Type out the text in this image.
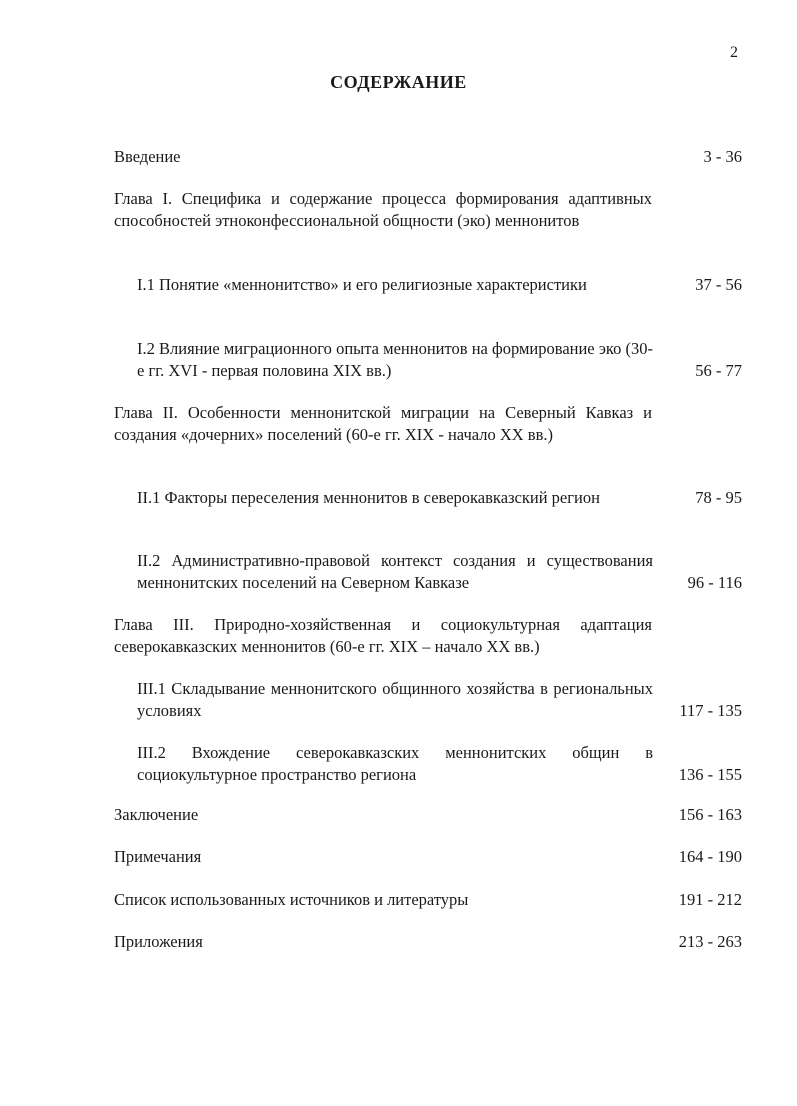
2
СОДЕРЖАНИЕ
Введение	3 - 36
Глава I. Специфика и содержание процесса формирования адаптивных способностей этноконфессиональной общности (эко) меннонитов
I.1 Понятие «меннонитство» и его религиозные характеристики	37 - 56
I.2 Влияние миграционного опыта меннонитов на формирование эко (30-е гг. XVI - первая половина XIX вв.)	56 - 77
Глава II. Особенности меннонитской миграции на Северный Кавказ и создания «дочерних» поселений (60-е гг. XIX - начало XX вв.)
II.1 Факторы переселения меннонитов в северокавказский регион	78 - 95
II.2 Административно-правовой контекст создания и существования меннонитских поселений на Северном Кавказе	96 - 116
Глава III. Природно-хозяйственная и социокультурная адаптация северокавказских меннонитов (60-е гг. XIX – начало XX вв.)
III.1 Складывание меннонитского общинного хозяйства в региональных условиях	117 - 135
III.2 Вхождение северокавказских меннонитских общин в социокультурное пространство региона	136 - 155
Заключение	156 - 163
Примечания	164 - 190
Список использованных источников и литературы	191 - 212
Приложения	213 - 263
